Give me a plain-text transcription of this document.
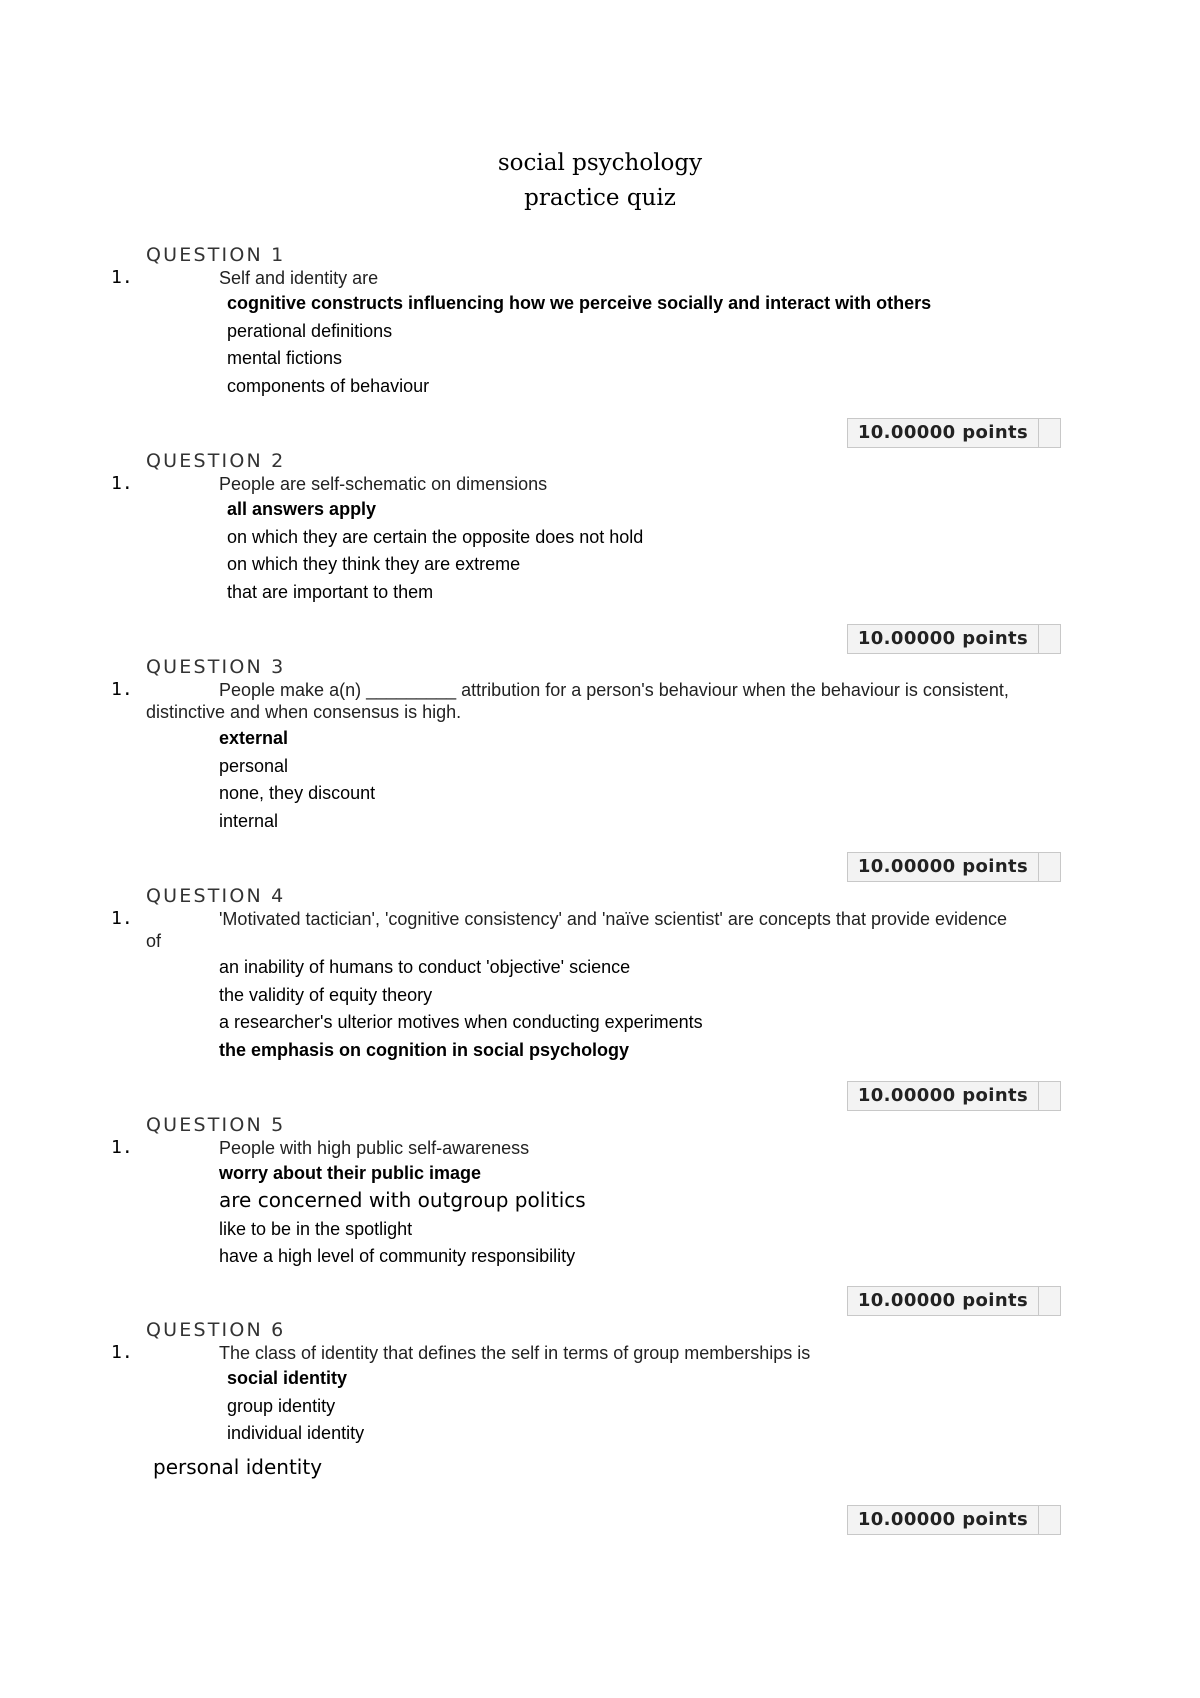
social psychology
practice quiz
QUESTION 1
1.	Self and identity are
cognitive constructs influencing how we perceive socially and interact with others
perational definitions
mental fictions
components of behaviour
10.00000 points
QUESTION 2
1.	People are self-schematic on dimensions
all answers apply
on which they are certain the opposite does not hold
on which they think they are extreme
that are important to them
10.00000 points
QUESTION 3
1.	People make a(n) _________ attribution for a person's behaviour when the behaviour is consistent, distinctive and when consensus is high.
external
personal
none, they discount
internal
10.00000 points
QUESTION 4
1.	'Motivated tactician', 'cognitive consistency' and 'naïve scientist' are concepts that provide evidence of
an inability of humans to conduct 'objective' science
the validity of equity theory
a researcher's ulterior motives when conducting experiments
the emphasis on cognition in social psychology
10.00000 points
QUESTION 5
1.	People with high public self-awareness
worry about their public image
are concerned with outgroup politics
like to be in the spotlight
have a high level of community responsibility
10.00000 points
QUESTION 6
1.	The class of identity that defines the self in terms of group memberships is
social identity
group identity
individual identity
personal identity
10.00000 points
